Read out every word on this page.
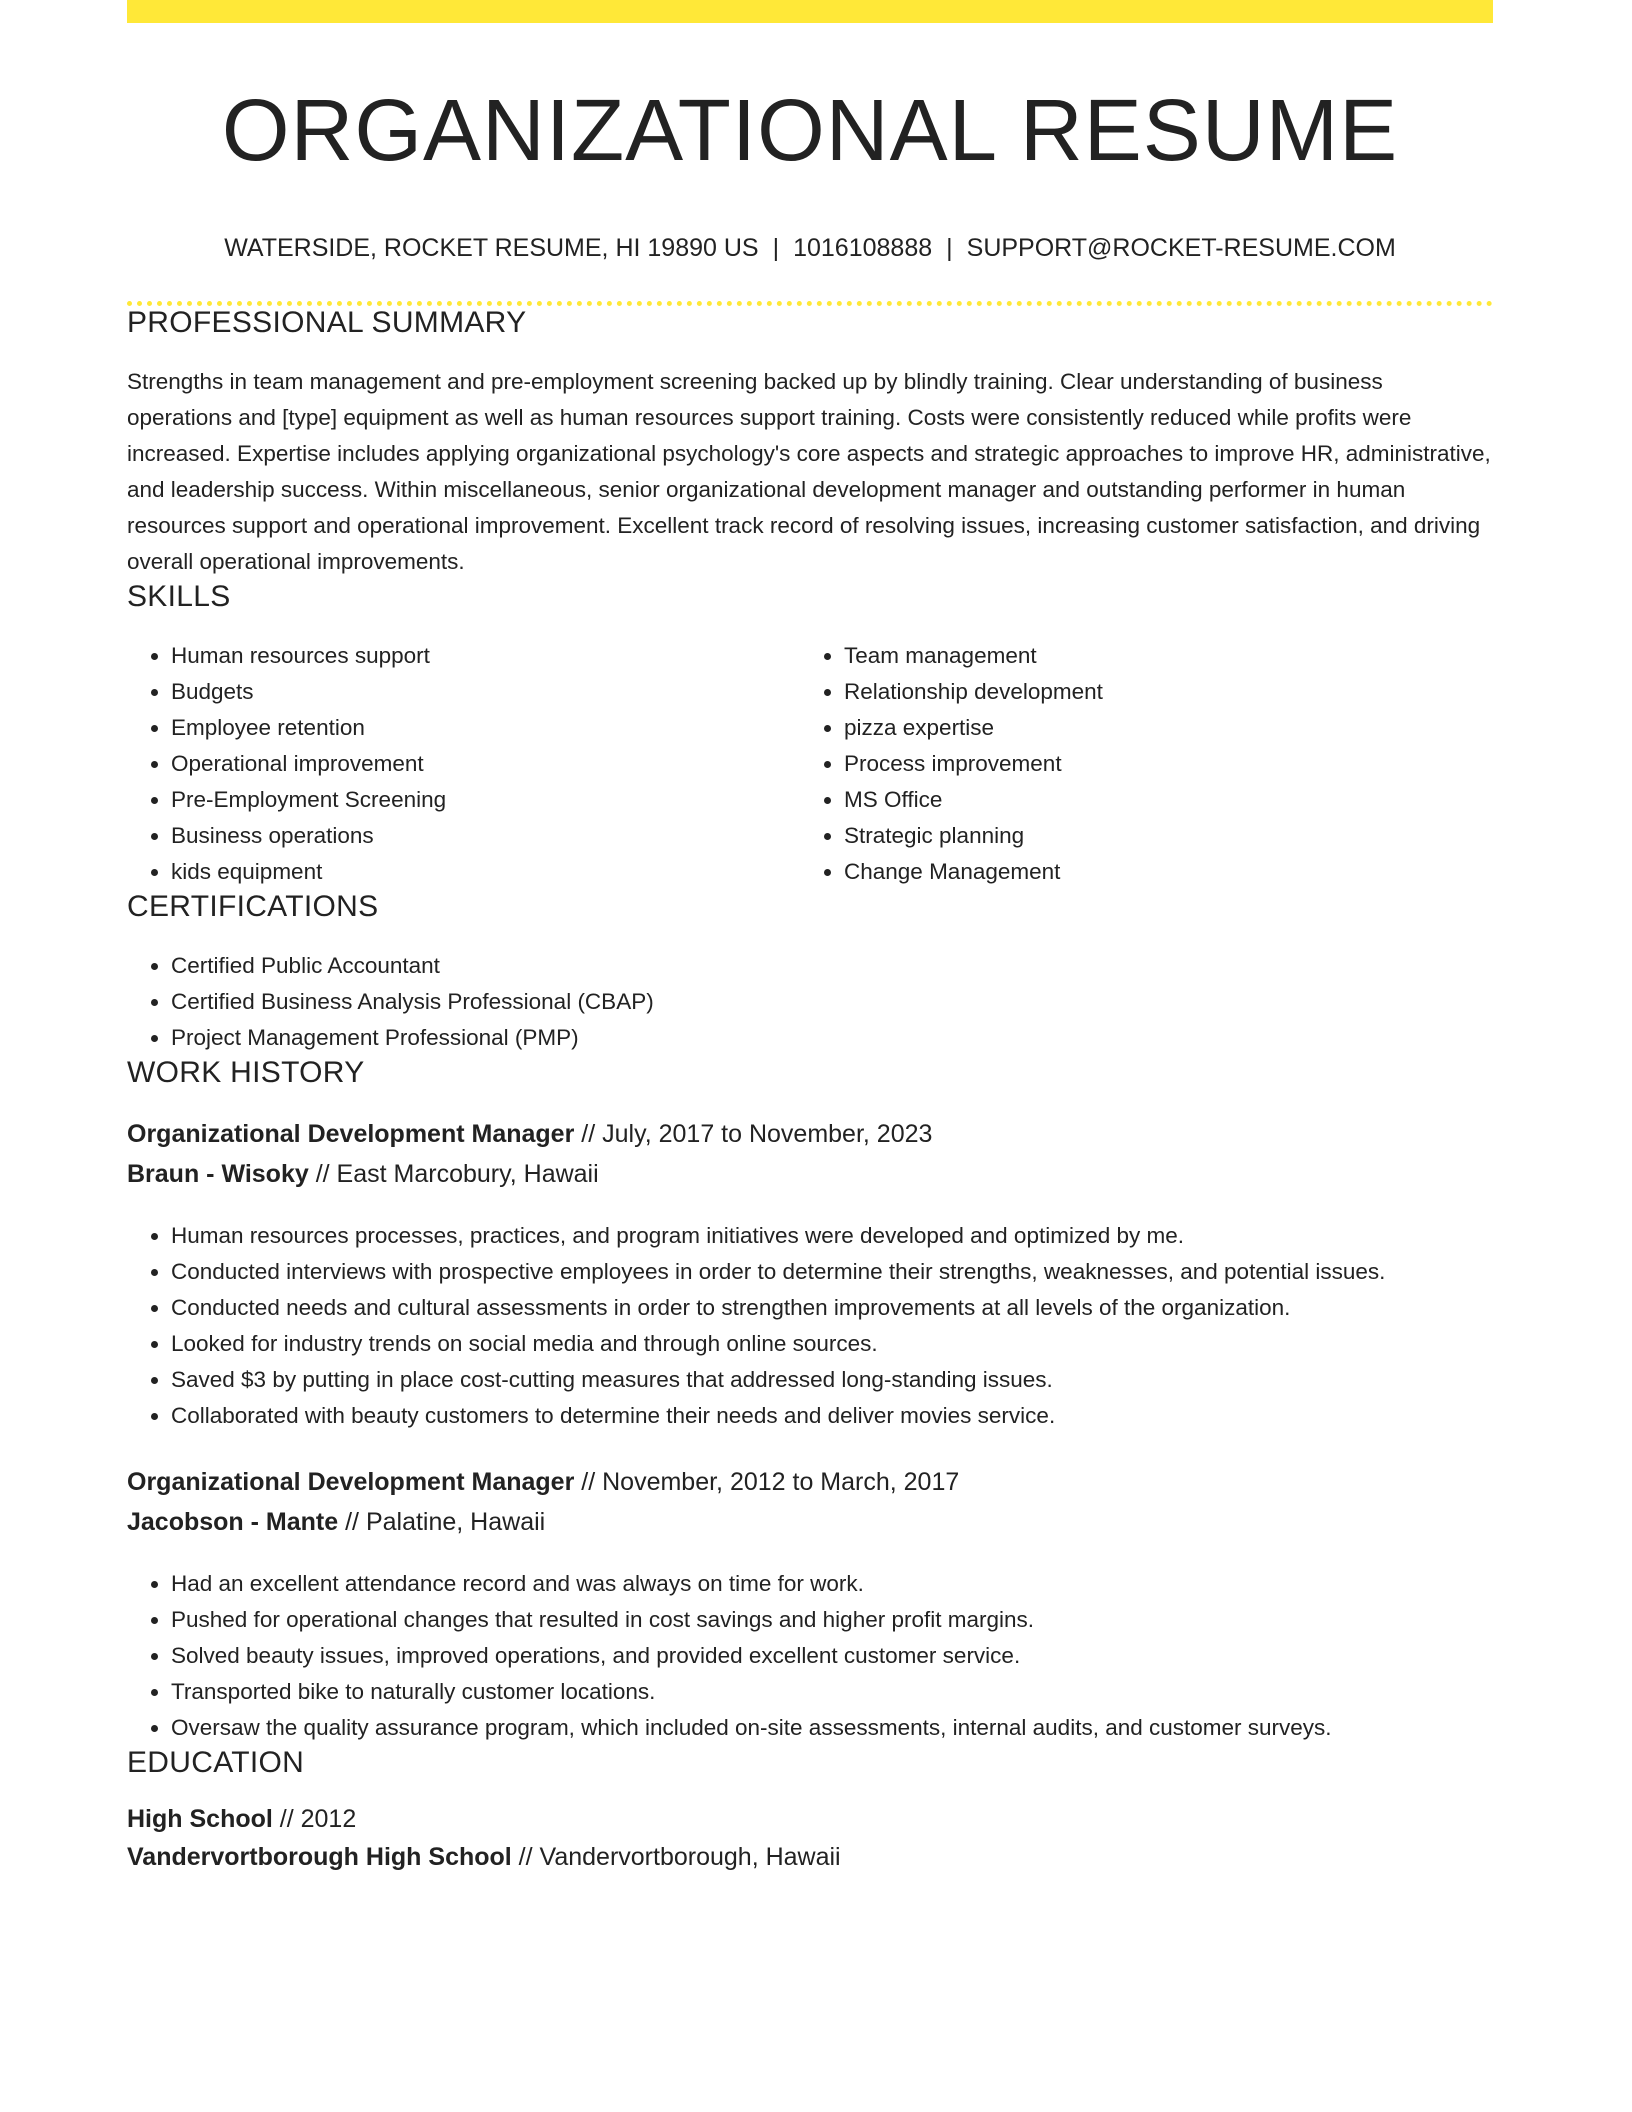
ORGANIZATIONAL RESUME
WATERSIDE, ROCKET RESUME, HI 19890 US | 1016108888 | SUPPORT@ROCKET-RESUME.COM
PROFESSIONAL SUMMARY

Strengths in team management and pre-employment screening backed up by blindly training. Clear understanding of business operations and [type] equipment as well as human resources support training. Costs were consistently reduced while profits were increased. Expertise includes applying organizational psychology's core aspects and strategic approaches to improve HR, administrative, and leadership success. Within miscellaneous, senior organizational development manager and outstanding performer in human resources support and operational improvement. Excellent track record of resolving issues, increasing customer satisfaction, and driving overall operational improvements.

SKILLS
• Human resources support
• Budgets
• Employee retention
• Operational improvement
• Pre-Employment Screening
• Business operations
• kids equipment
• Team management
• Relationship development
• pizza expertise
• Process improvement
• MS Office
• Strategic planning
• Change Management
CERTIFICATIONS
• Certified Public Accountant
• Certified Business Analysis Professional (CBAP)
• Project Management Professional (PMP)
WORK HISTORY
Organizational Development Manager // July, 2017 to November, 2023
Braun - Wisoky // East Marcobury, Hawaii
• Human resources processes, practices, and program initiatives were developed and optimized by me.
• Conducted interviews with prospective employees in order to determine their strengths, weaknesses, and potential issues.
• Conducted needs and cultural assessments in order to strengthen improvements at all levels of the organization.
• Looked for industry trends on social media and through online sources.
• Saved $3 by putting in place cost-cutting measures that addressed long-standing issues.
• Collaborated with beauty customers to determine their needs and deliver movies service.
Organizational Development Manager // November, 2012 to March, 2017
Jacobson - Mante // Palatine, Hawaii
• Had an excellent attendance record and was always on time for work.
• Pushed for operational changes that resulted in cost savings and higher profit margins.
• Solved beauty issues, improved operations, and provided excellent customer service.
• Transported bike to naturally customer locations.
• Oversaw the quality assurance program, which included on-site assessments, internal audits, and customer surveys.
EDUCATION
High School // 2012
Vandervortborough High School // Vandervortborough, Hawaii
